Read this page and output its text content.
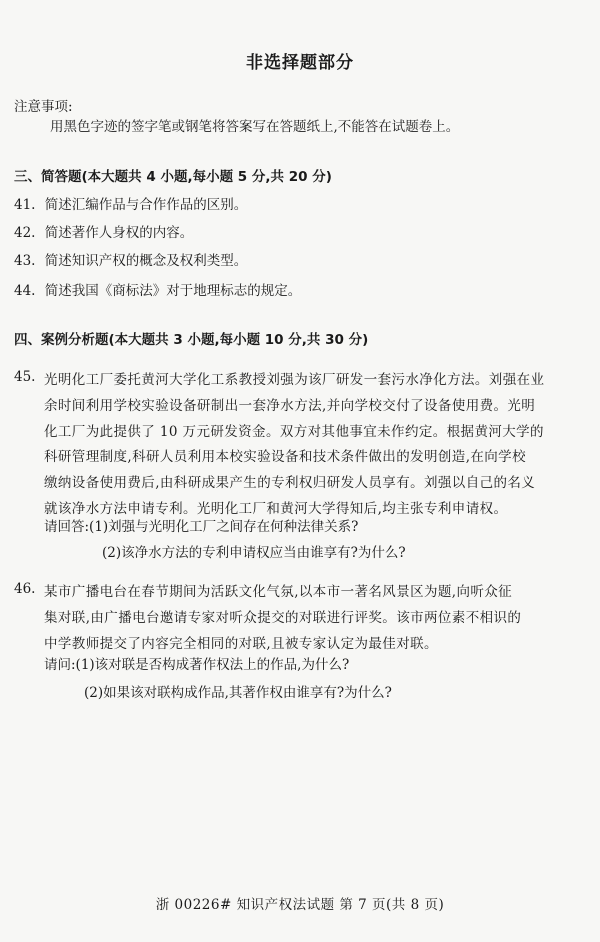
非选择题部分
注意事项:
用黑色字迹的签字笔或钢笔将答案写在答题纸上,不能答在试题卷上。
三、简答题(本大题共 4 小题,每小题 5 分,共 20 分)
41. 简述汇编作品与合作作品的区别。
42. 简述著作人身权的内容。
43. 简述知识产权的概念及权利类型。
44. 简述我国《商标法》对于地理标志的规定。
四、案例分析题(本大题共 3 小题,每小题 10 分,共 30 分)
45. 光明化工厂委托黄河大学化工系教授刘强为该厂研发一套污水净化方法。刘强在业
余时间利用学校实验设备研制出一套净水方法,并向学校交付了设备使用费。光明
化工厂为此提供了 10 万元研发资金。双方对其他事宜未作约定。根据黄河大学的
科研管理制度,科研人员利用本校实验设备和技术条件做出的发明创造,在向学校
缴纳设备使用费后,由科研成果产生的专利权归研发人员享有。刘强以自己的名义
就该净水方法申请专利。光明化工厂和黄河大学得知后,均主张专利申请权。
请回答:(1)刘强与光明化工厂之间存在何种法律关系?
(2)该净水方法的专利申请权应当由谁享有?为什么?
46. 某市广播电台在春节期间为活跃文化气氛,以本市一著名风景区为题,向听众征
集对联,由广播电台邀请专家对听众提交的对联进行评奖。该市两位素不相识的
中学教师提交了内容完全相同的对联,且被专家认定为最佳对联。
请问:(1)该对联是否构成著作权法上的作品,为什么?
(2)如果该对联构成作品,其著作权由谁享有?为什么?
浙 00226# 知识产权法试题 第 7 页(共 8 页)
